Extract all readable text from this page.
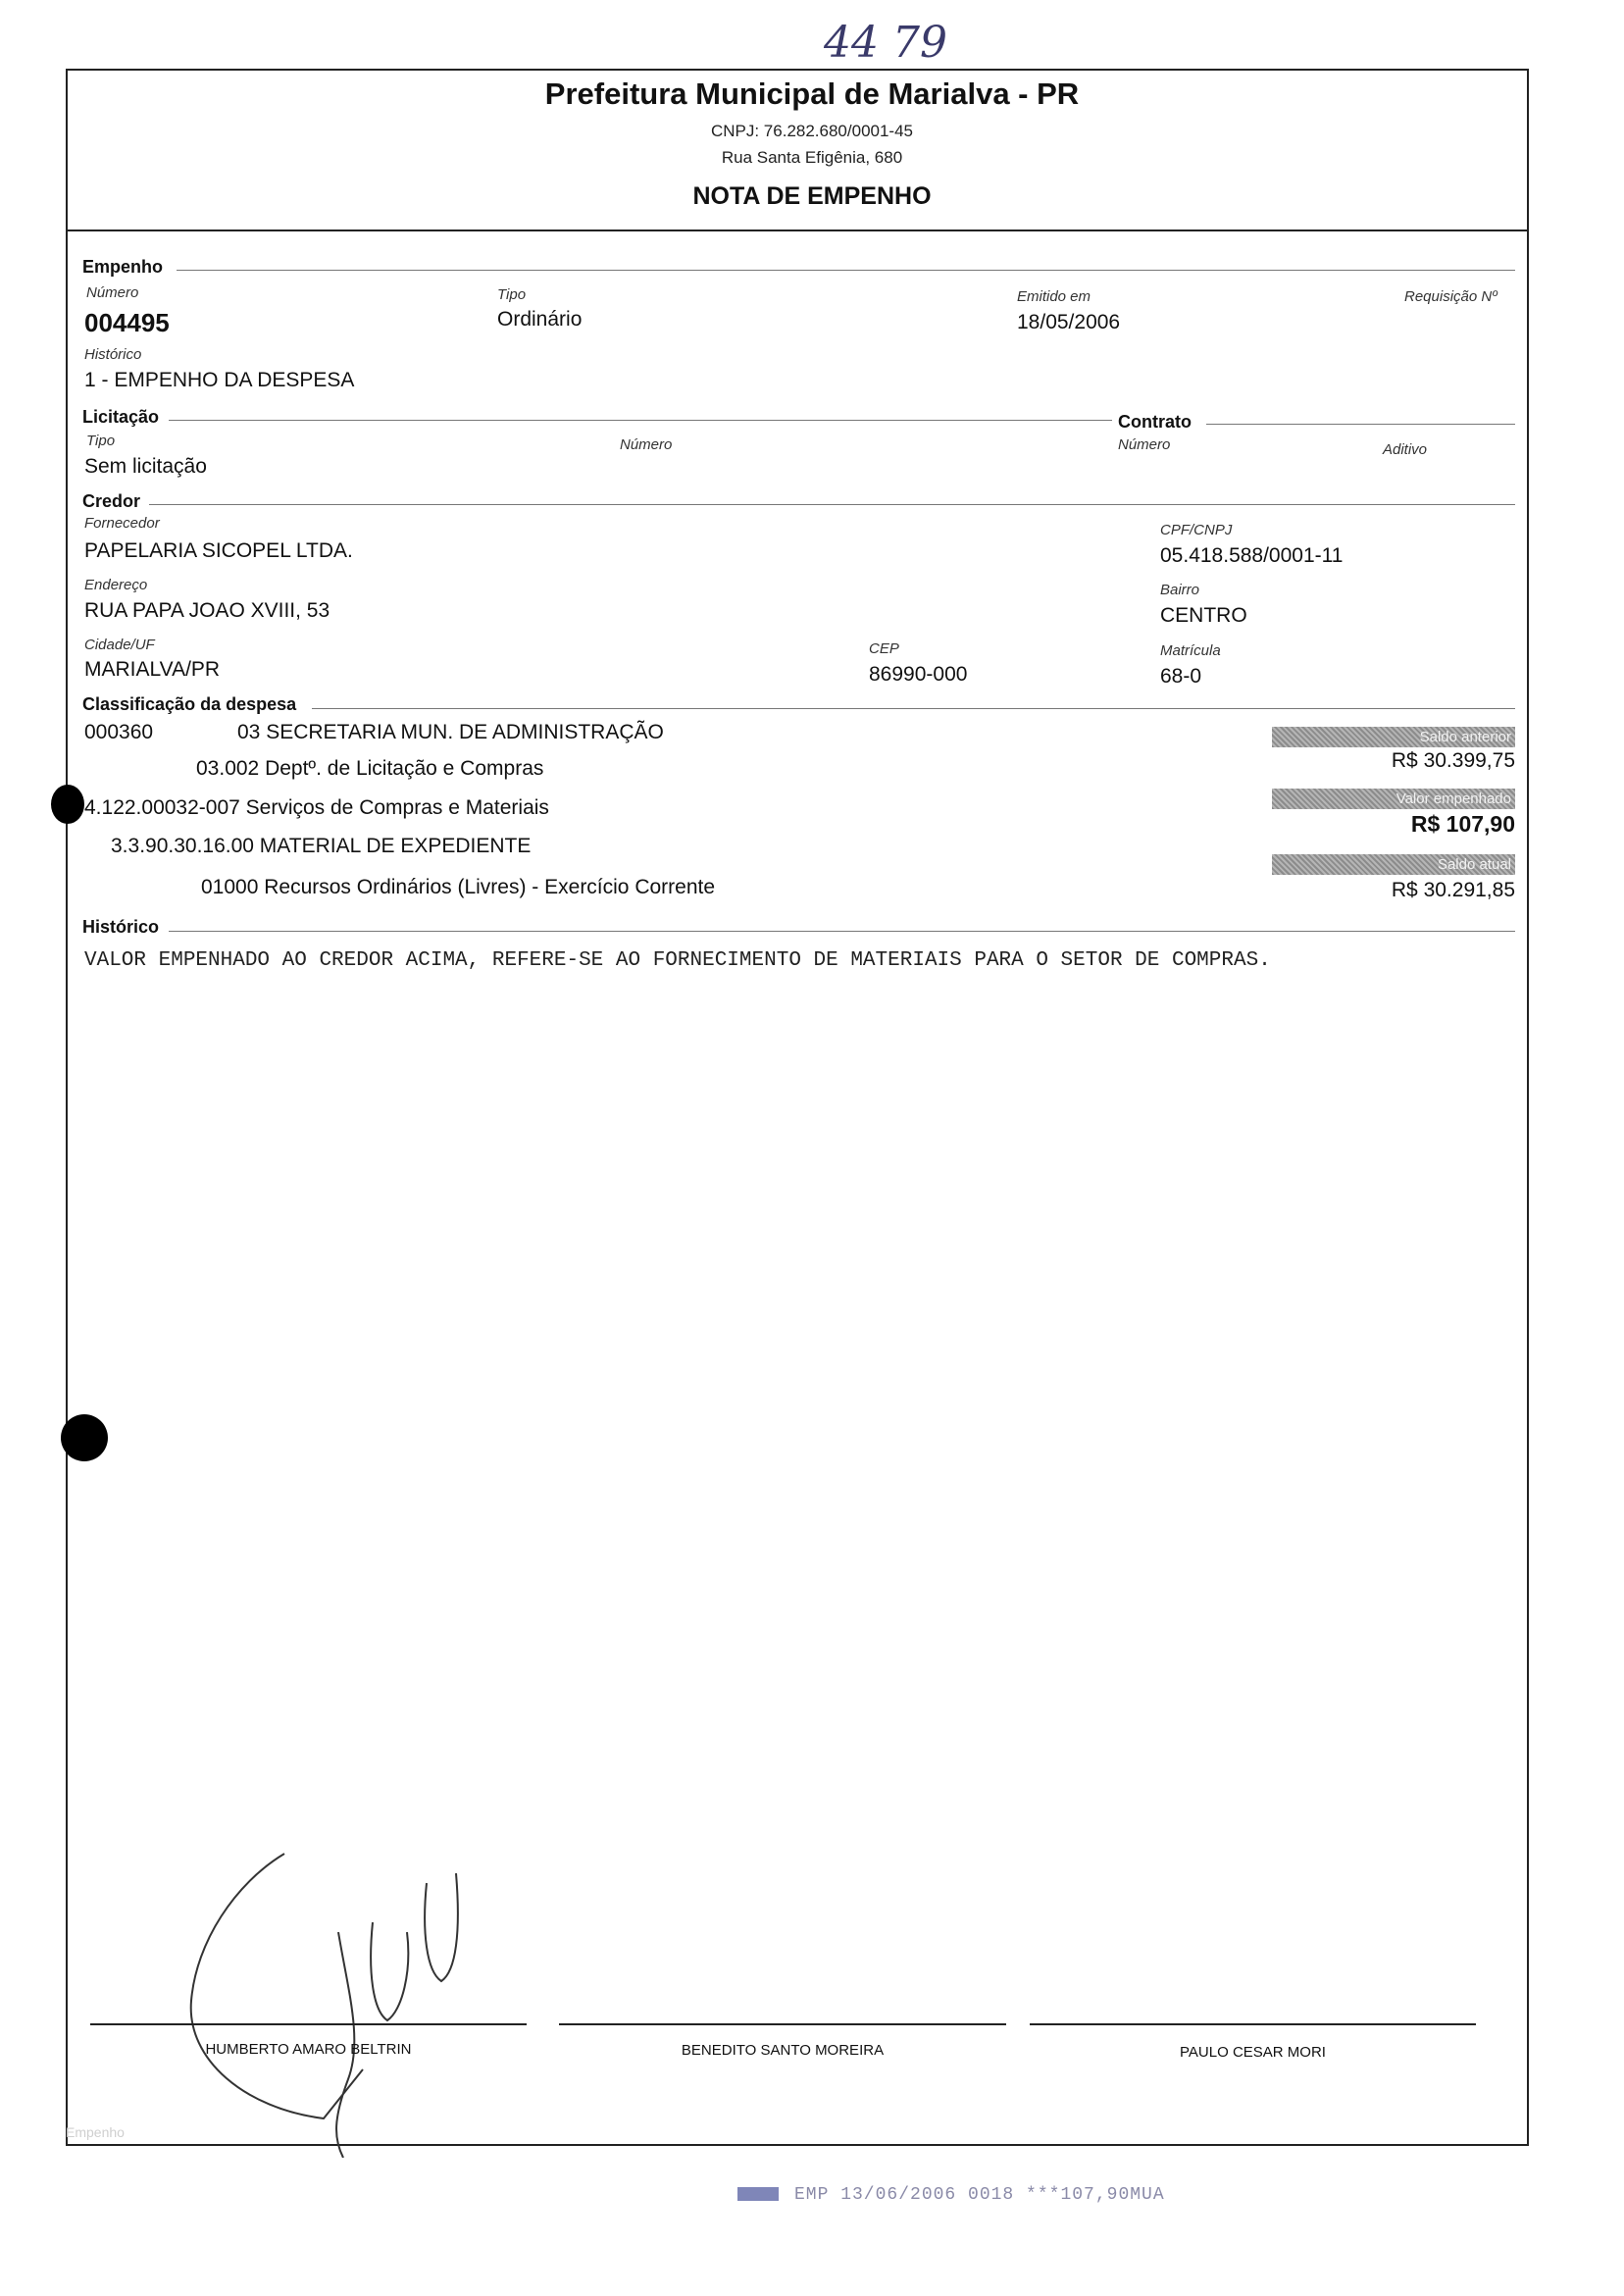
44 79
Prefeitura Municipal de Marialva - PR
CNPJ: 76.282.680/0001-45
Rua Santa Efigênia, 680
NOTA DE EMPENHO
Empenho
Número
004495
Tipo
Ordinário
Emitido em
18/05/2006
Requisição Nº
Histórico
1 - EMPENHO DA DESPESA
Licitação	Contrato
Tipo
Sem licitação
Número	Número	Aditivo
Credor
Fornecedor
PAPELARIA SICOPEL LTDA.
CPF/CNPJ
05.418.588/0001-11
Endereço
RUA PAPA JOAO XVIII, 53
Bairro
CENTRO
Cidade/UF
MARIALVA/PR
CEP
86990-000
Matrícula
68-0
Classificação da despesa
000360	03 SECRETARIA MUN. DE ADMINISTRAÇÃO
03.002 Deptº. de Licitação e Compras
4.122.00032-007 Serviços de Compras e Materiais
3.3.90.30.16.00 MATERIAL DE EXPEDIENTE
01000 Recursos Ordinários (Livres) - Exercício Corrente
Saldo anterior
R$ 30.399,75
Valor empenhado
R$ 107,90
Saldo atual
R$ 30.291,85
Histórico
VALOR EMPENHADO AO CREDOR ACIMA, REFERE-SE AO FORNECIMENTO DE MATERIAIS PARA O SETOR DE COMPRAS.
HUMBERTO AMARO BELTRIN	BENEDITO SANTO MOREIRA	PAULO CESAR MORI
Empenho
EMP 13/06/2006 0018 ***107,90MUA
